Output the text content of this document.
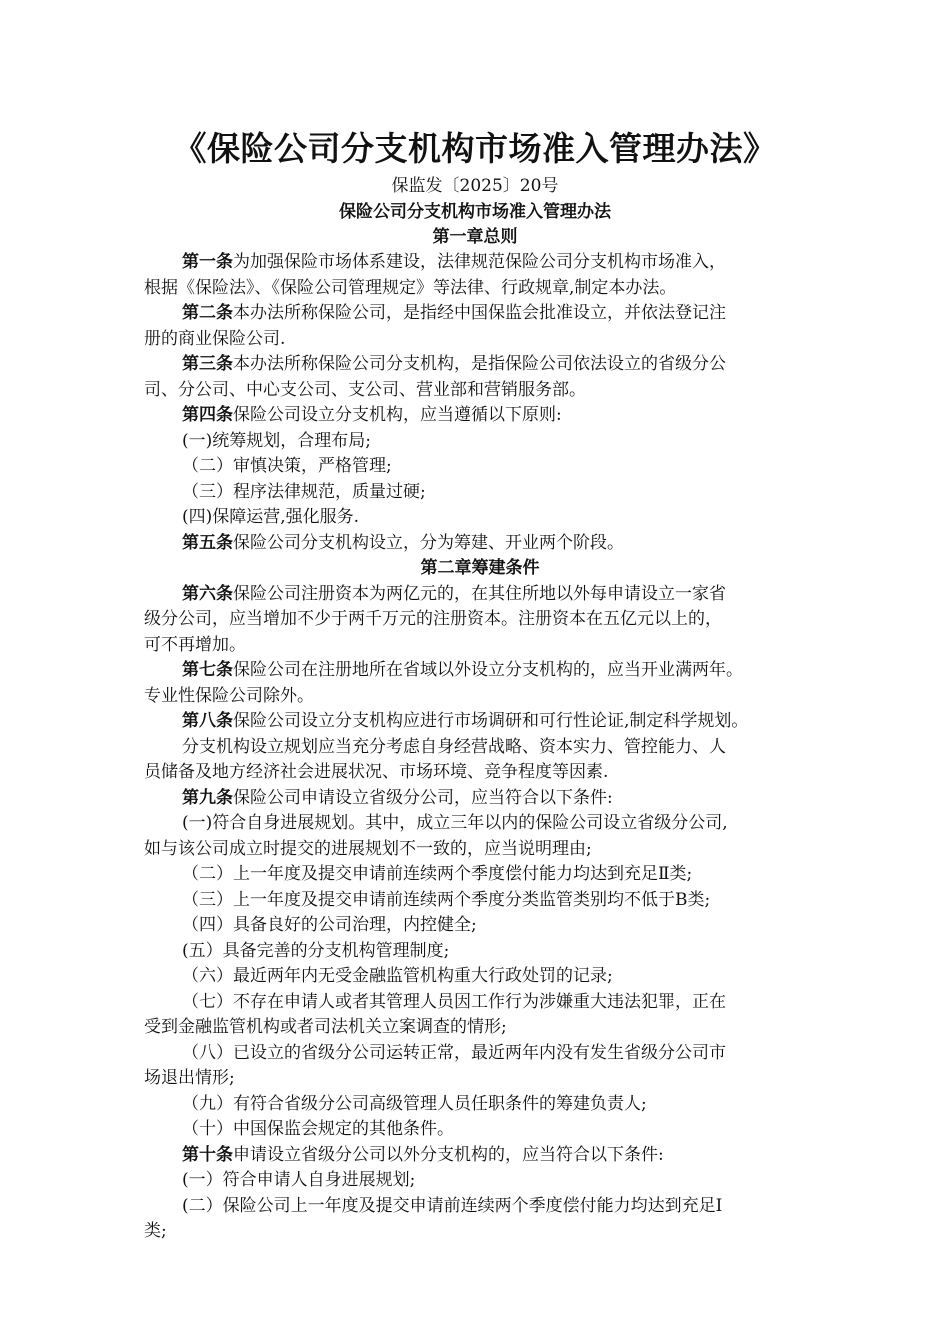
《保险公司分支机构市场准入管理办法》
保监发〔2025〕20号
保险公司分支机构市场准入管理办法
第一章总则

第一条为加强保险市场体系建设，法律规范保险公司分支机构市场准入，

根据《保险法》、《保险公司管理规定》等法律、行政规章,制定本办法。

第二条本办法所称保险公司，是指经中国保监会批准设立，并依法登记注

册的商业保险公司.

第三条本办法所称保险公司分支机构，是指保险公司依法设立的省级分公

司、分公司、中心支公司、支公司、营业部和营销服务部。

第四条保险公司设立分支机构，应当遵循以下原则:

(一)统筹规划，合理布局;

（二）审慎决策，严格管理;

（三）程序法律规范，质量过硬;

(四)保障运营,强化服务.

第五条保险公司分支机构设立，分为筹建、开业两个阶段。

第二章筹建条件

第六条保险公司注册资本为两亿元的，在其住所地以外每申请设立一家省

级分公司，应当增加不少于两千万元的注册资本。注册资本在五亿元以上的，

可不再增加。

第七条保险公司在注册地所在省域以外设立分支机构的，应当开业满两年。

专业性保险公司除外。

第八条保险公司设立分支机构应进行市场调研和可行性论证,制定科学规划。

分支机构设立规划应当充分考虑自身经营战略、资本实力、管控能力、人

员储备及地方经济社会进展状况、市场环境、竞争程度等因素.

第九条保险公司申请设立省级分公司，应当符合以下条件:

(一)符合自身进展规划。其中，成立三年以内的保险公司设立省级分公司,

如与该公司成立时提交的进展规划不一致的，应当说明理由;

（二）上一年度及提交申请前连续两个季度偿付能力均达到充足Ⅱ类;

（三）上一年度及提交申请前连续两个季度分类监管类别均不低于B类;

（四）具备良好的公司治理，内控健全;

(五）具备完善的分支机构管理制度;

（六）最近两年内无受金融监管机构重大行政处罚的记录;

（七）不存在申请人或者其管理人员因工作行为涉嫌重大违法犯罪，正在

受到金融监管机构或者司法机关立案调查的情形;

（八）已设立的省级分公司运转正常，最近两年内没有发生省级分公司市

场退出情形;

（九）有符合省级分公司高级管理人员任职条件的筹建负责人;

（十）中国保监会规定的其他条件。

第十条申请设立省级分公司以外分支机构的，应当符合以下条件:

(一）符合申请人自身进展规划;

(二）保险公司上一年度及提交申请前连续两个季度偿付能力均达到充足Ⅰ

类;
